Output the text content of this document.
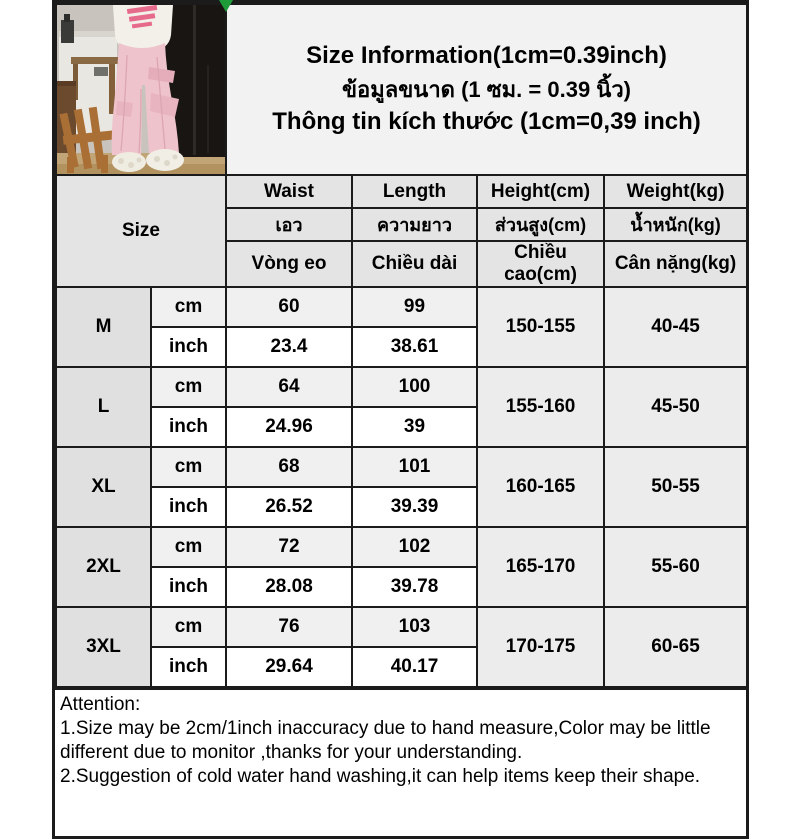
Size Information(1cm=0.39inch)
ข้อมูลขนาด (1 ซม. = 0.39 นิ้ว)
Thông tin kích thước (1cm=0,39 inch)			

Size		Waist	Length	Height(cm)	Weight(kg)
		เอว	ความยาว	ส่วนสูง(cm)	น้ำหนัก(kg)
		Vòng eo	Chiều dài	Chiều cao(cm)	Cân nặng(kg)
M	cm	60	99	150-155	40-45
	inch	23.4	38.61		
L	cm	64	100	155-160	45-50
	inch	24.96	39		
XL	cm	68	101	160-165	50-55
	inch	26.52	39.39		
2XL	cm	72	102	165-170	55-60
	inch	28.08	39.78		
3XL	cm	76	103	170-175	60-65
	inch	29.64	40.17		

Attention:

1.Size may be 2cm/1inch inaccuracy due to hand measure,Color may be little different due to monitor ,thanks for your understanding.

2.Suggestion of cold water hand washing,it can help items keep their shape.
